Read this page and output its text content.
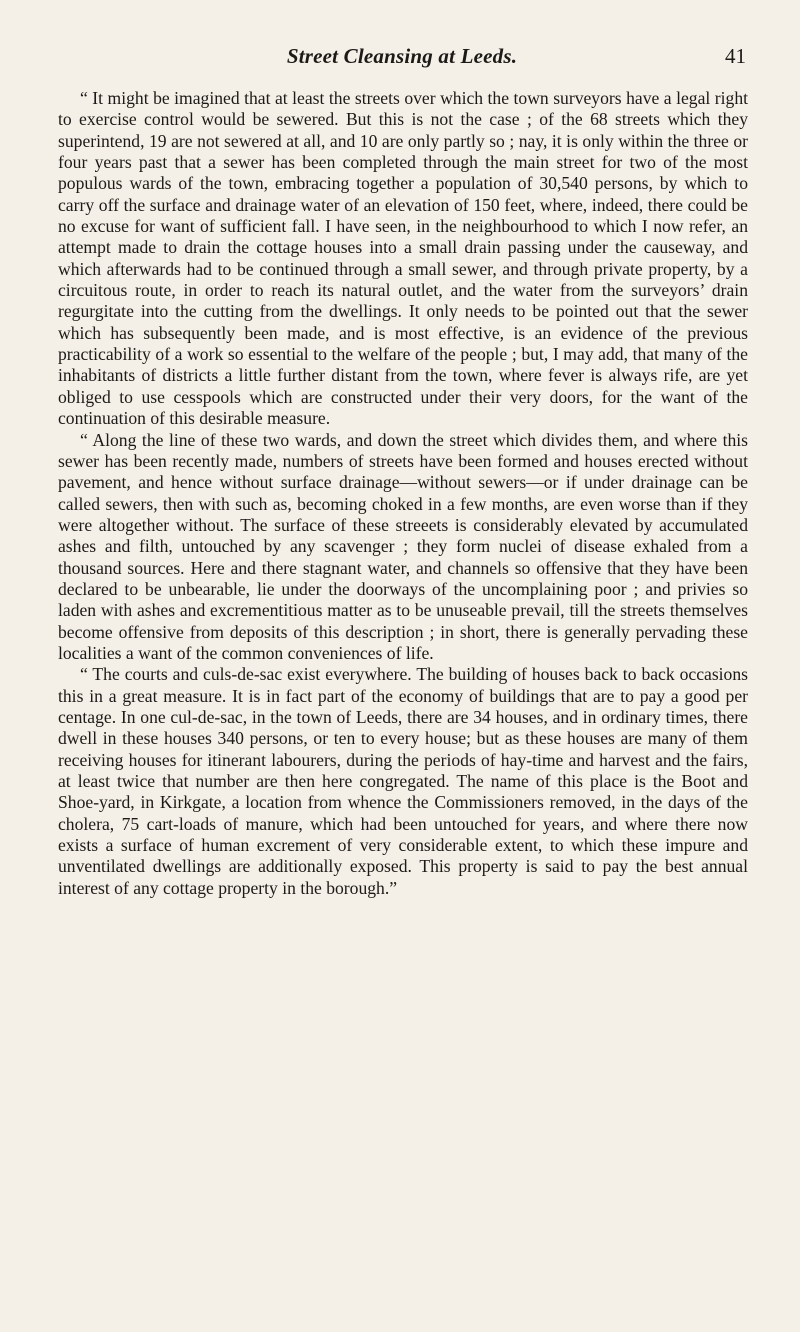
Street Cleansing at Leeds.	41

“ It might be imagined that at least the streets over which the town surveyors have a legal right to exercise control would be sewered. But this is not the case ; of the 68 streets which they superintend, 19 are not sewered at all, and 10 are only partly so ; nay, it is only within the three or four years past that a sewer has been completed through the main street for two of the most populous wards of the town, embracing together a population of 30,540 persons, by which to carry off the surface and drainage water of an elevation of 150 feet, where, indeed, there could be no excuse for want of sufficient fall. I have seen, in the neighbourhood to which I now refer, an attempt made to drain the cottage houses into a small drain passing under the causeway, and which afterwards had to be continued through a small sewer, and through private property, by a circuitous route, in order to reach its natural outlet, and the water from the surveyors’ drain regurgitate into the cutting from the dwellings. It only needs to be pointed out that the sewer which has subsequently been made, and is most effective, is an evidence of the previous practicability of a work so essential to the welfare of the people ; but, I may add, that many of the inhabitants of districts a little further distant from the town, where fever is always rife, are yet obliged to use cesspools which are constructed under their very doors, for the want of the continuation of this desirable measure.

“ Along the line of these two wards, and down the street which divides them, and where this sewer has been recently made, numbers of streets have been formed and houses erected without pavement, and hence without surface drainage—without sewers—or if under drainage can be called sewers, then with such as, becoming choked in a few months, are even worse than if they were altogether without. The surface of these streeets is considerably elevated by accumulated ashes and filth, untouched by any scavenger ; they form nuclei of disease exhaled from a thousand sources. Here and there stagnant water, and channels so offensive that they have been declared to be unbearable, lie under the doorways of the uncomplaining poor ; and privies so laden with ashes and excrementitious matter as to be unuseable prevail, till the streets themselves become offensive from deposits of this description ; in short, there is generally pervading these localities a want of the common conveniences of life.

“ The courts and culs-de-sac exist everywhere. The building of houses back to back occasions this in a great measure. It is in fact part of the economy of buildings that are to pay a good per centage. In one cul-de-sac, in the town of Leeds, there are 34 houses, and in ordinary times, there dwell in these houses 340 persons, or ten to every house; but as these houses are many of them receiving houses for itinerant labourers, during the periods of hay-time and harvest and the fairs, at least twice that number are then here congregated. The name of this place is the Boot and Shoe-yard, in Kirkgate, a location from whence the Commissioners removed, in the days of the cholera, 75 cart-loads of manure, which had been untouched for years, and where there now exists a surface of human excrement of very considerable extent, to which these impure and unventilated dwellings are additionally exposed. This property is said to pay the best annual interest of any cottage property in the borough.”
